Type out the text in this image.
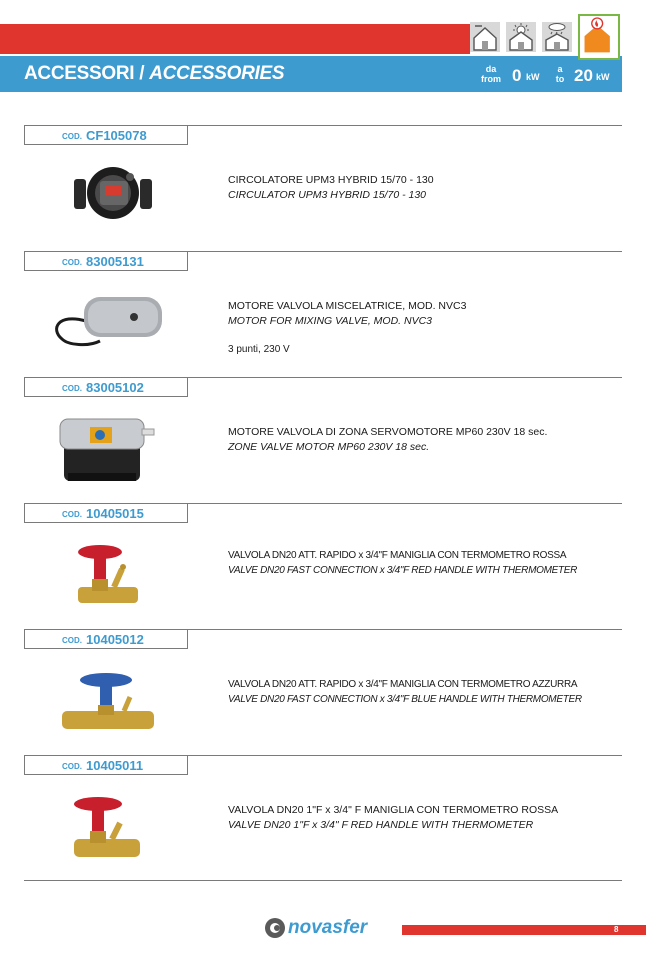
ACCESSORI / ACCESSORIES	da
from 0 kW
a
to 20 kW
COD. CF105078
CIRCOLATORE UPM3 HYBRID 15/70 - 130
CIRCULATOR UPM3 HYBRID 15/70 - 130
COD. 83005131
MOTORE VALVOLA MISCELATRICE, MOD. NVC3
MOTOR FOR MIXING VALVE, MOD. NVC3
3 punti, 230 V
COD. 83005102
MOTORE VALVOLA DI ZONA SERVOMOTORE MP60 230V 18 sec.
ZONE VALVE MOTOR MP60 230V 18 sec.
COD. 10405015
VALVOLA DN20 ATT. RAPIDO x 3/4"F MANIGLIA CON TERMOMETRO ROSSA
VALVE DN20 FAST CONNECTION x 3/4"F RED HANDLE WITH THERMOMETER
COD. 10405012
VALVOLA DN20 ATT. RAPIDO x 3/4"F MANIGLIA CON TERMOMETRO AZZURRA
VALVE DN20 FAST CONNECTION x 3/4"F BLUE HANDLE WITH THERMOMETER
COD. 10405011
VALVOLA DN20 1"F x 3/4" F MANIGLIA CON TERMOMETRO ROSSA
VALVE DN20 1"F x 3/4" F RED HANDLE WITH THERMOMETER
novasfer	8
